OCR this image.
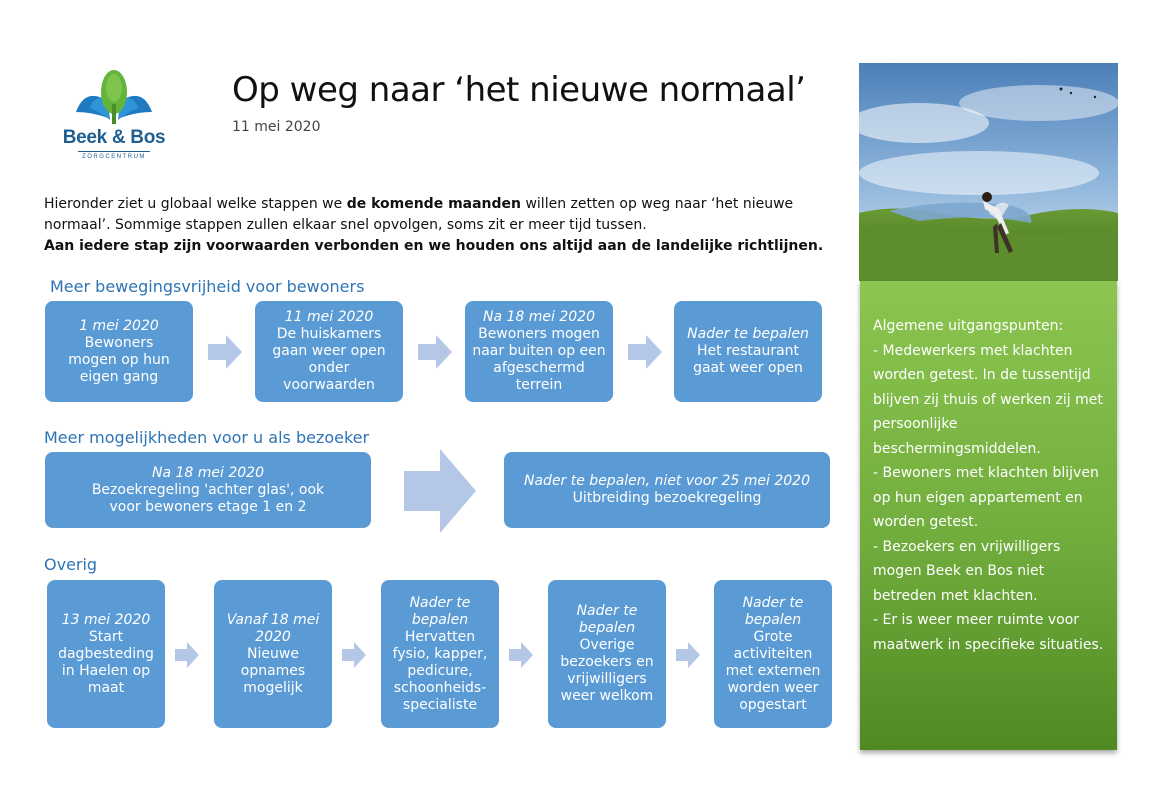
Beek & Bos
ZORGCENTRUM
Op weg naar ‘het nieuwe normaal’
11 mei 2020

Hieronder ziet u globaal welke stappen we de komende maanden willen zetten op weg naar ‘het nieuwe normaal’. Sommige stappen zullen elkaar snel opvolgen, soms zit er meer tijd tussen.

Aan iedere stap zijn voorwaarden verbonden en we houden ons altijd aan de landelijke richtlijnen.

Meer bewegingsvrijheid voor bewoners
1 mei 2020
Bewoners mogen op hun eigen gang
11 mei 2020
De huiskamers gaan weer open onder voorwaarden
Na 18 mei 2020
Bewoners mogen naar buiten op een afgeschermd terrein
Nader te bepalen
Het restaurant gaat weer open
Meer mogelijkheden voor u als bezoeker
Na 18 mei 2020
Bezoekregeling 'achter glas', ook voor bewoners etage 1 en 2
Nader te bepalen, niet voor 25 mei 2020
Uitbreiding bezoekregeling
Overig
13 mei 2020
Start dagbesteding in Haelen op maat
Vanaf 18 mei 2020
Nieuwe opnames mogelijk
Nader te bepalen
Hervatten fysio, kapper, pedicure, schoonheids-specialiste
Nader te bepalen
Overige bezoekers en vrijwilligers weer welkom
Nader te bepalen
Grote activiteiten met externen worden weer opgestart

Algemene uitgangspunten:

- Medewerkers met klachten worden getest. In de tussentijd blijven zij thuis of werken zij met persoonlijke beschermingsmiddelen.

- Bewoners met klachten blijven op hun eigen appartement en worden getest.

- Bezoekers en vrijwilligers mogen Beek en Bos niet betreden met klachten.

- Er is weer meer ruimte voor maatwerk in specifieke situaties.
